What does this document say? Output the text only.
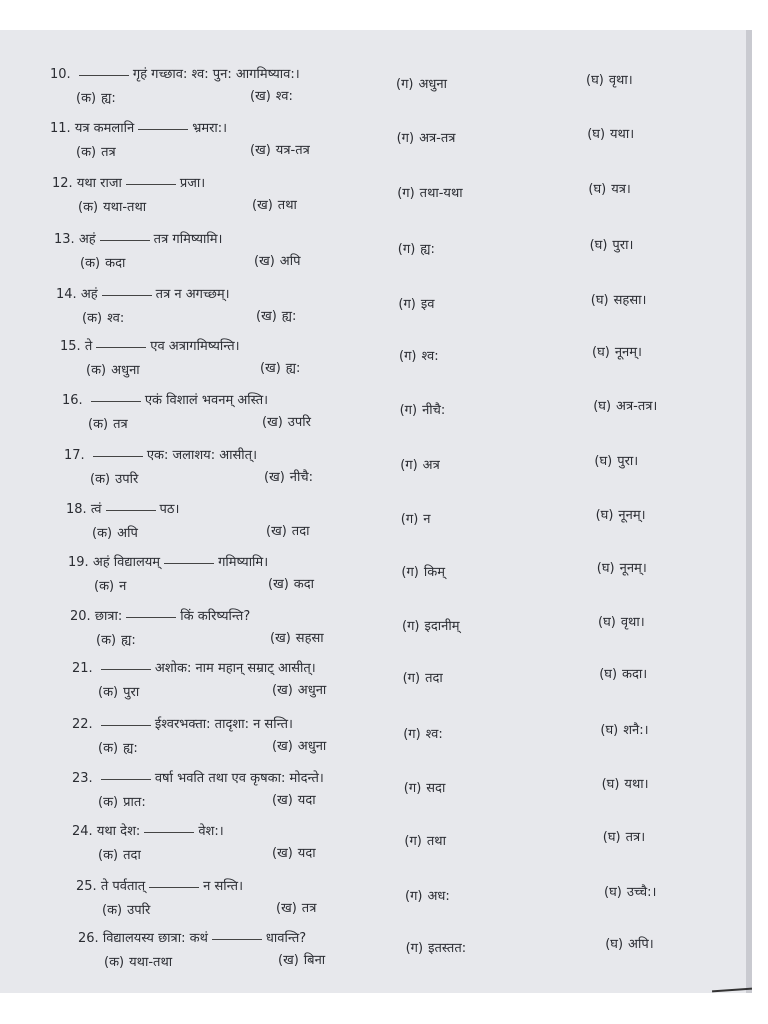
10.	गृहं गच्छाव: श्व: पुन: आगमिष्याव:।
(क) ह्य:	(ख) श्व:
(ग) अधुना	(घ) वृथा।
11. यत्र कमलानि	भ्रमरा:।
(क) तत्र	(ख) यत्र-तत्र
(ग) अत्र-तत्र	(घ) यथा।
12. यथा राजा	प्रजा।
(क) यथा-तथा	(ख) तथा
(ग) तथा-यथा	(घ) यत्र।
13. अहं	तत्र गमिष्यामि।
(क) कदा	(ख) अपि
(ग) ह्य:	(घ) पुरा।
14. अहं	तत्र न अगच्छम्।
(क) श्व:	(ख) ह्य:
(ग) इव	(घ) सहसा।
15. ते	एव अत्रागमिष्यन्ति।
(क) अधुना	(ख) ह्य:
(ग) श्व:	(घ) नूनम्।
16.	एकं विशालं भवनम् अस्ति।
(क) तत्र	(ख) उपरि
(ग) नीचै:	(घ) अत्र-तत्र।
17.	एक: जलाशय: आसीत्।
(क) उपरि	(ख) नीचै:
(ग) अत्र	(घ) पुरा।
18. त्वं	पठ।
(क) अपि	(ख) तदा
(ग) न	(घ) नूनम्।
19. अहं विद्यालयम्	गमिष्यामि।
(क) न	(ख) कदा
(ग) किम्	(घ) नूनम्।
20. छात्रा:	किं करिष्यन्ति?
(क) ह्य:	(ख) सहसा
(ग) इदानीम्	(घ) वृथा।
21.	अशोक: नाम महान् सम्राट् आसीत्।
(क) पुरा	(ख) अधुना
(ग) तदा	(घ) कदा।
22.	ईश्वरभक्ता: तादृशा: न सन्ति।
(क) ह्य:	(ख) अधुना
(ग) श्व:	(घ) शनै:।
23.	वर्षा भवति तथा एव कृषका: मोदन्ते।
(क) प्रात:	(ख) यदा
(ग) सदा	(घ) यथा।
24. यथा देश:	वेश:।
(क) तदा	(ख) यदा
(ग) तथा	(घ) तत्र।
25. ते पर्वतात्	न सन्ति।
(क) उपरि	(ख) तत्र
(ग) अध:	(घ) उच्चै:।
26. विद्यालयस्य छात्रा: कथं	धावन्ति?
(क) यथा-तथा	(ख) बिना
(ग) इतस्तत:	(घ) अपि।
